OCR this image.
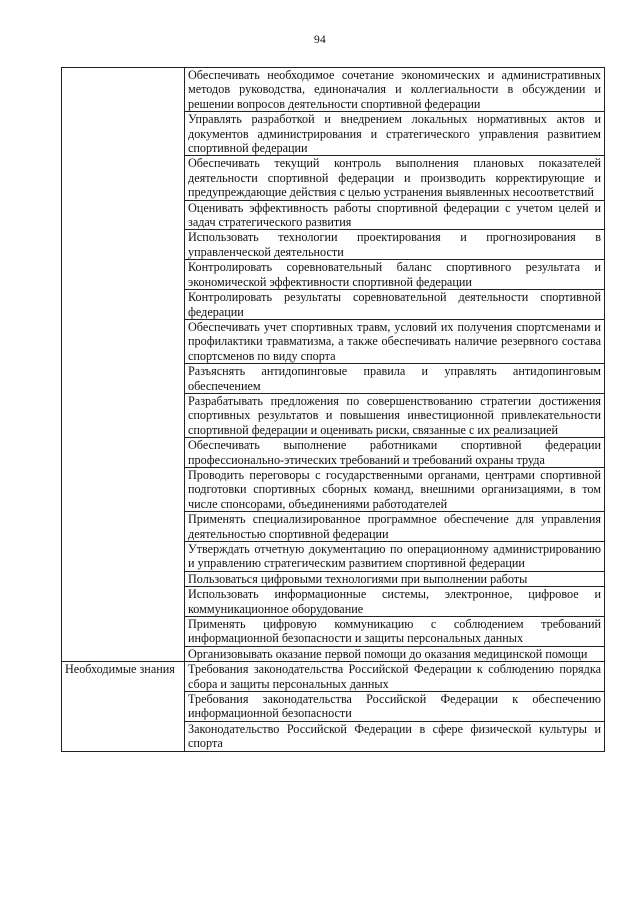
94
	Обеспечивать необходимое сочетание экономических и административных методов руководства, единоначалия и коллегиальности в обсуждении и решении вопросов деятельности спортивной федерации
	Управлять разработкой и внедрением локальных нормативных актов и документов администрирования и стратегического управления развитием спортивной федерации
	Обеспечивать текущий контроль выполнения плановых показателей деятельности спортивной федерации и производить корректирующие и предупреждающие действия с целью устранения выявленных несоответствий
	Оценивать эффективность работы спортивной федерации с учетом целей и задач стратегического развития
	Использовать технологии проектирования и прогнозирования в управленческой деятельности
	Контролировать соревновательный баланс спортивного результата и экономической эффективности спортивной федерации
	Контролировать результаты соревновательной деятельности спортивной федерации
	Обеспечивать учет спортивных травм, условий их получения спортсменами и профилактики травматизма, а также обеспечивать наличие резервного состава спортсменов по виду спорта
	Разъяснять антидопинговые правила и управлять антидопинговым обеспечением
	Разрабатывать предложения по совершенствованию стратегии достижения спортивных результатов и повышения инвестиционной привлекательности спортивной федерации и оценивать риски, связанные с их реализацией
	Обеспечивать выполнение работниками спортивной федерации профессионально-этических требований и требований охраны труда
	Проводить переговоры с государственными органами, центрами спортивной подготовки спортивных сборных команд, внешними организациями, в том числе спонсорами, объединениями работодателей
	Применять специализированное программное обеспечение для управления деятельностью спортивной федерации
	Утверждать отчетную документацию по операционному администрированию и управлению стратегическим развитием спортивной федерации
	Пользоваться цифровыми технологиями при выполнении работы
	Использовать информационные системы, электронное, цифровое и коммуникационное оборудование
	Применять цифровую коммуникацию с соблюдением требований информационной безопасности и защиты персональных данных
	Организовывать оказание первой помощи до оказания медицинской помощи
Необходимые знания	Требования законодательства Российской Федерации к соблюдению порядка сбора и защиты персональных данных
	Требования законодательства Российской Федерации к обеспечению информационной безопасности
	Законодательство Российской Федерации в сфере физической культуры и спорта
